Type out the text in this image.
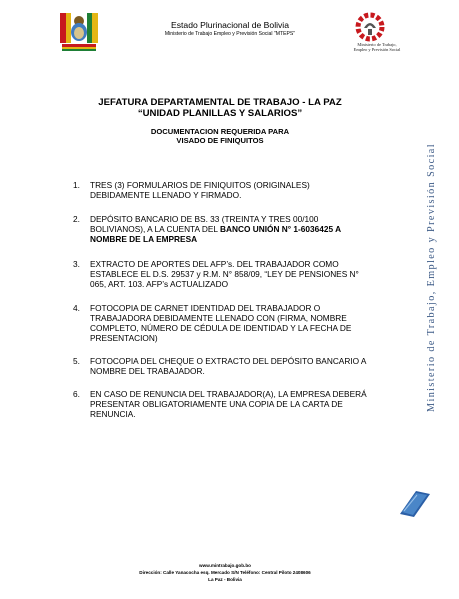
Estado Plurinacional de Bolivia
Ministerio de Trabajo Empleo y Previsión Social "MTEPS"
Ministerio de Trabajo,
Empleo y Previsión Social
JEFATURA DEPARTAMENTAL DE TRABAJO - LA PAZ
“UNIDAD PLANILLAS Y SALARIOS”
DOCUMENTACION REQUERIDA PARA
VISADO DE FINIQUITOS
1. TRES (3) FORMULARIOS DE FINIQUITOS (ORIGINALES)
DEBIDAMENTE LLENADO Y FIRMADO.
2. DEPÓSITO BANCARIO DE BS. 33 (TREINTA Y TRES 00/100
BOLIVIANOS), A LA CUENTA DEL BANCO UNIÓN N° 1-6036425 A
NOMBRE DE LA EMPRESA
3. EXTRACTO DE APORTES DEL AFP’s. DEL TRABAJADOR COMO
ESTABLECE EL D.S. 29537 y R.M. N° 858/09, “LEY DE PENSIONES N°
065, ART. 103. AFP’s ACTUALIZADO
4. FOTOCOPIA DE CARNET IDENTIDAD DEL TRABAJADOR O
TRABAJADORA DEBIDAMENTE LLENADO CON (FIRMA, NOMBRE
COMPLETO, NÚMERO DE CÉDULA DE IDENTIDAD Y LA FECHA DE
PRESENTACION)
5. FOTOCOPIA DEL CHEQUE O EXTRACTO DEL DEPÓSITO BANCARIO A
NOMBRE DEL TRABAJADOR.
6. EN CASO DE RENUNCIA DEL TRABAJADOR(A), LA EMPRESA DEBERÁ
PRESENTAR OBLIGATORIAMENTE UNA COPIA DE LA CARTA DE
RENUNCIA.
Ministerio de Trabajo, Empleo y Previsión Social
www.mintrabajo.gob.bo
Dirección: Calle Yanacocha esq. Mercado S/N Teléfono: Central Piloto 2408606
La Paz - Bolivia
